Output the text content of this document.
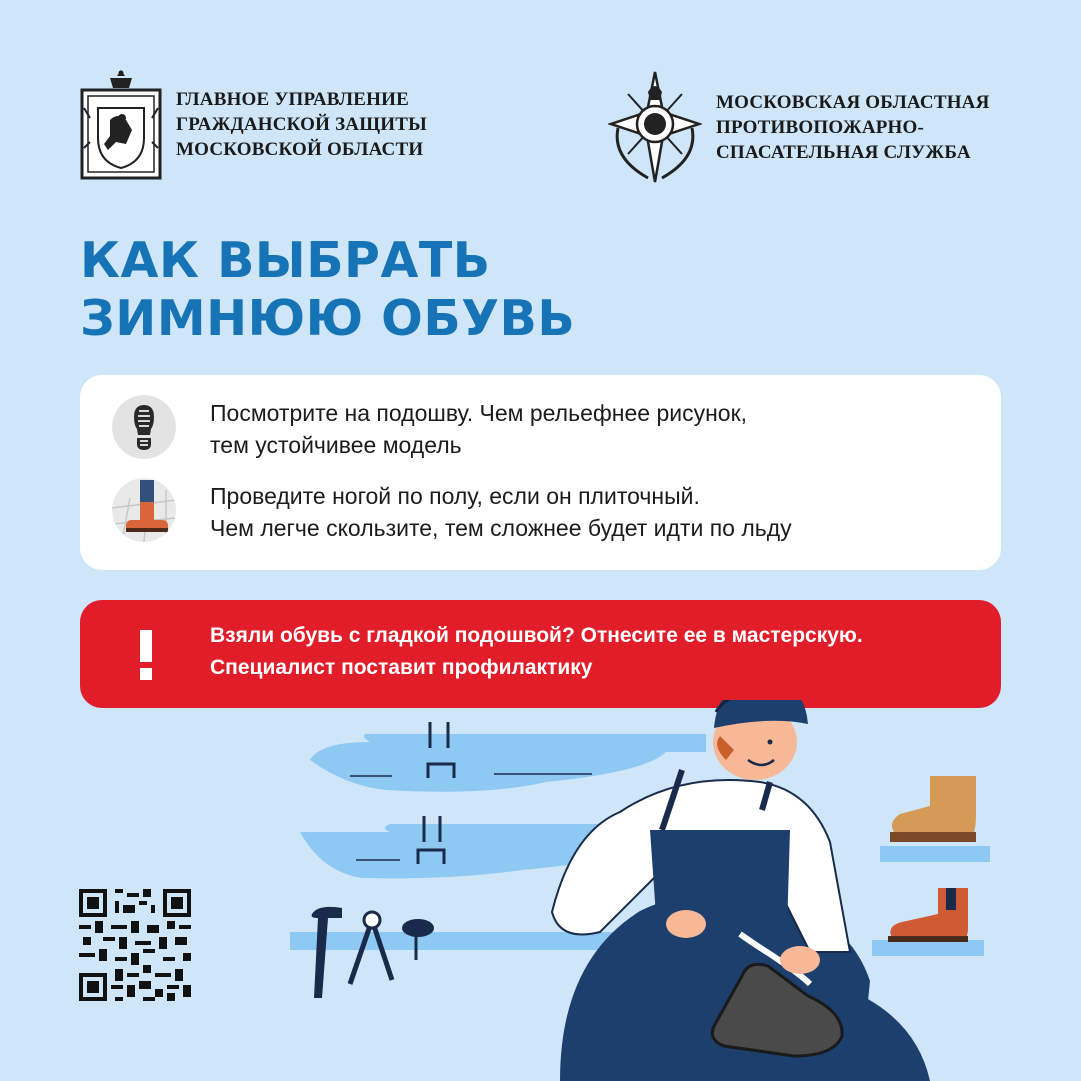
ГЛАВНОЕ УПРАВЛЕНИЕ
ГРАЖДАНСКОЙ ЗАЩИТЫ
МОСКОВСКОЙ ОБЛАСТИ
МОСКОВСКАЯ ОБЛАСТНАЯ
ПРОТИВОПОЖАРНО-
СПАСАТЕЛЬНАЯ СЛУЖБА
КАК ВЫБРАТЬ
ЗИМНЮЮ ОБУВЬ
Посмотрите на подошву. Чем рельефнее рисунок,
тем устойчивее модель
Проведите ногой по полу, если он плиточный.
Чем легче скользите, тем сложнее будет идти по льду
Взяли обувь с гладкой подошвой? Отнесите ее в мастерскую.
Специалист поставит профилактику
